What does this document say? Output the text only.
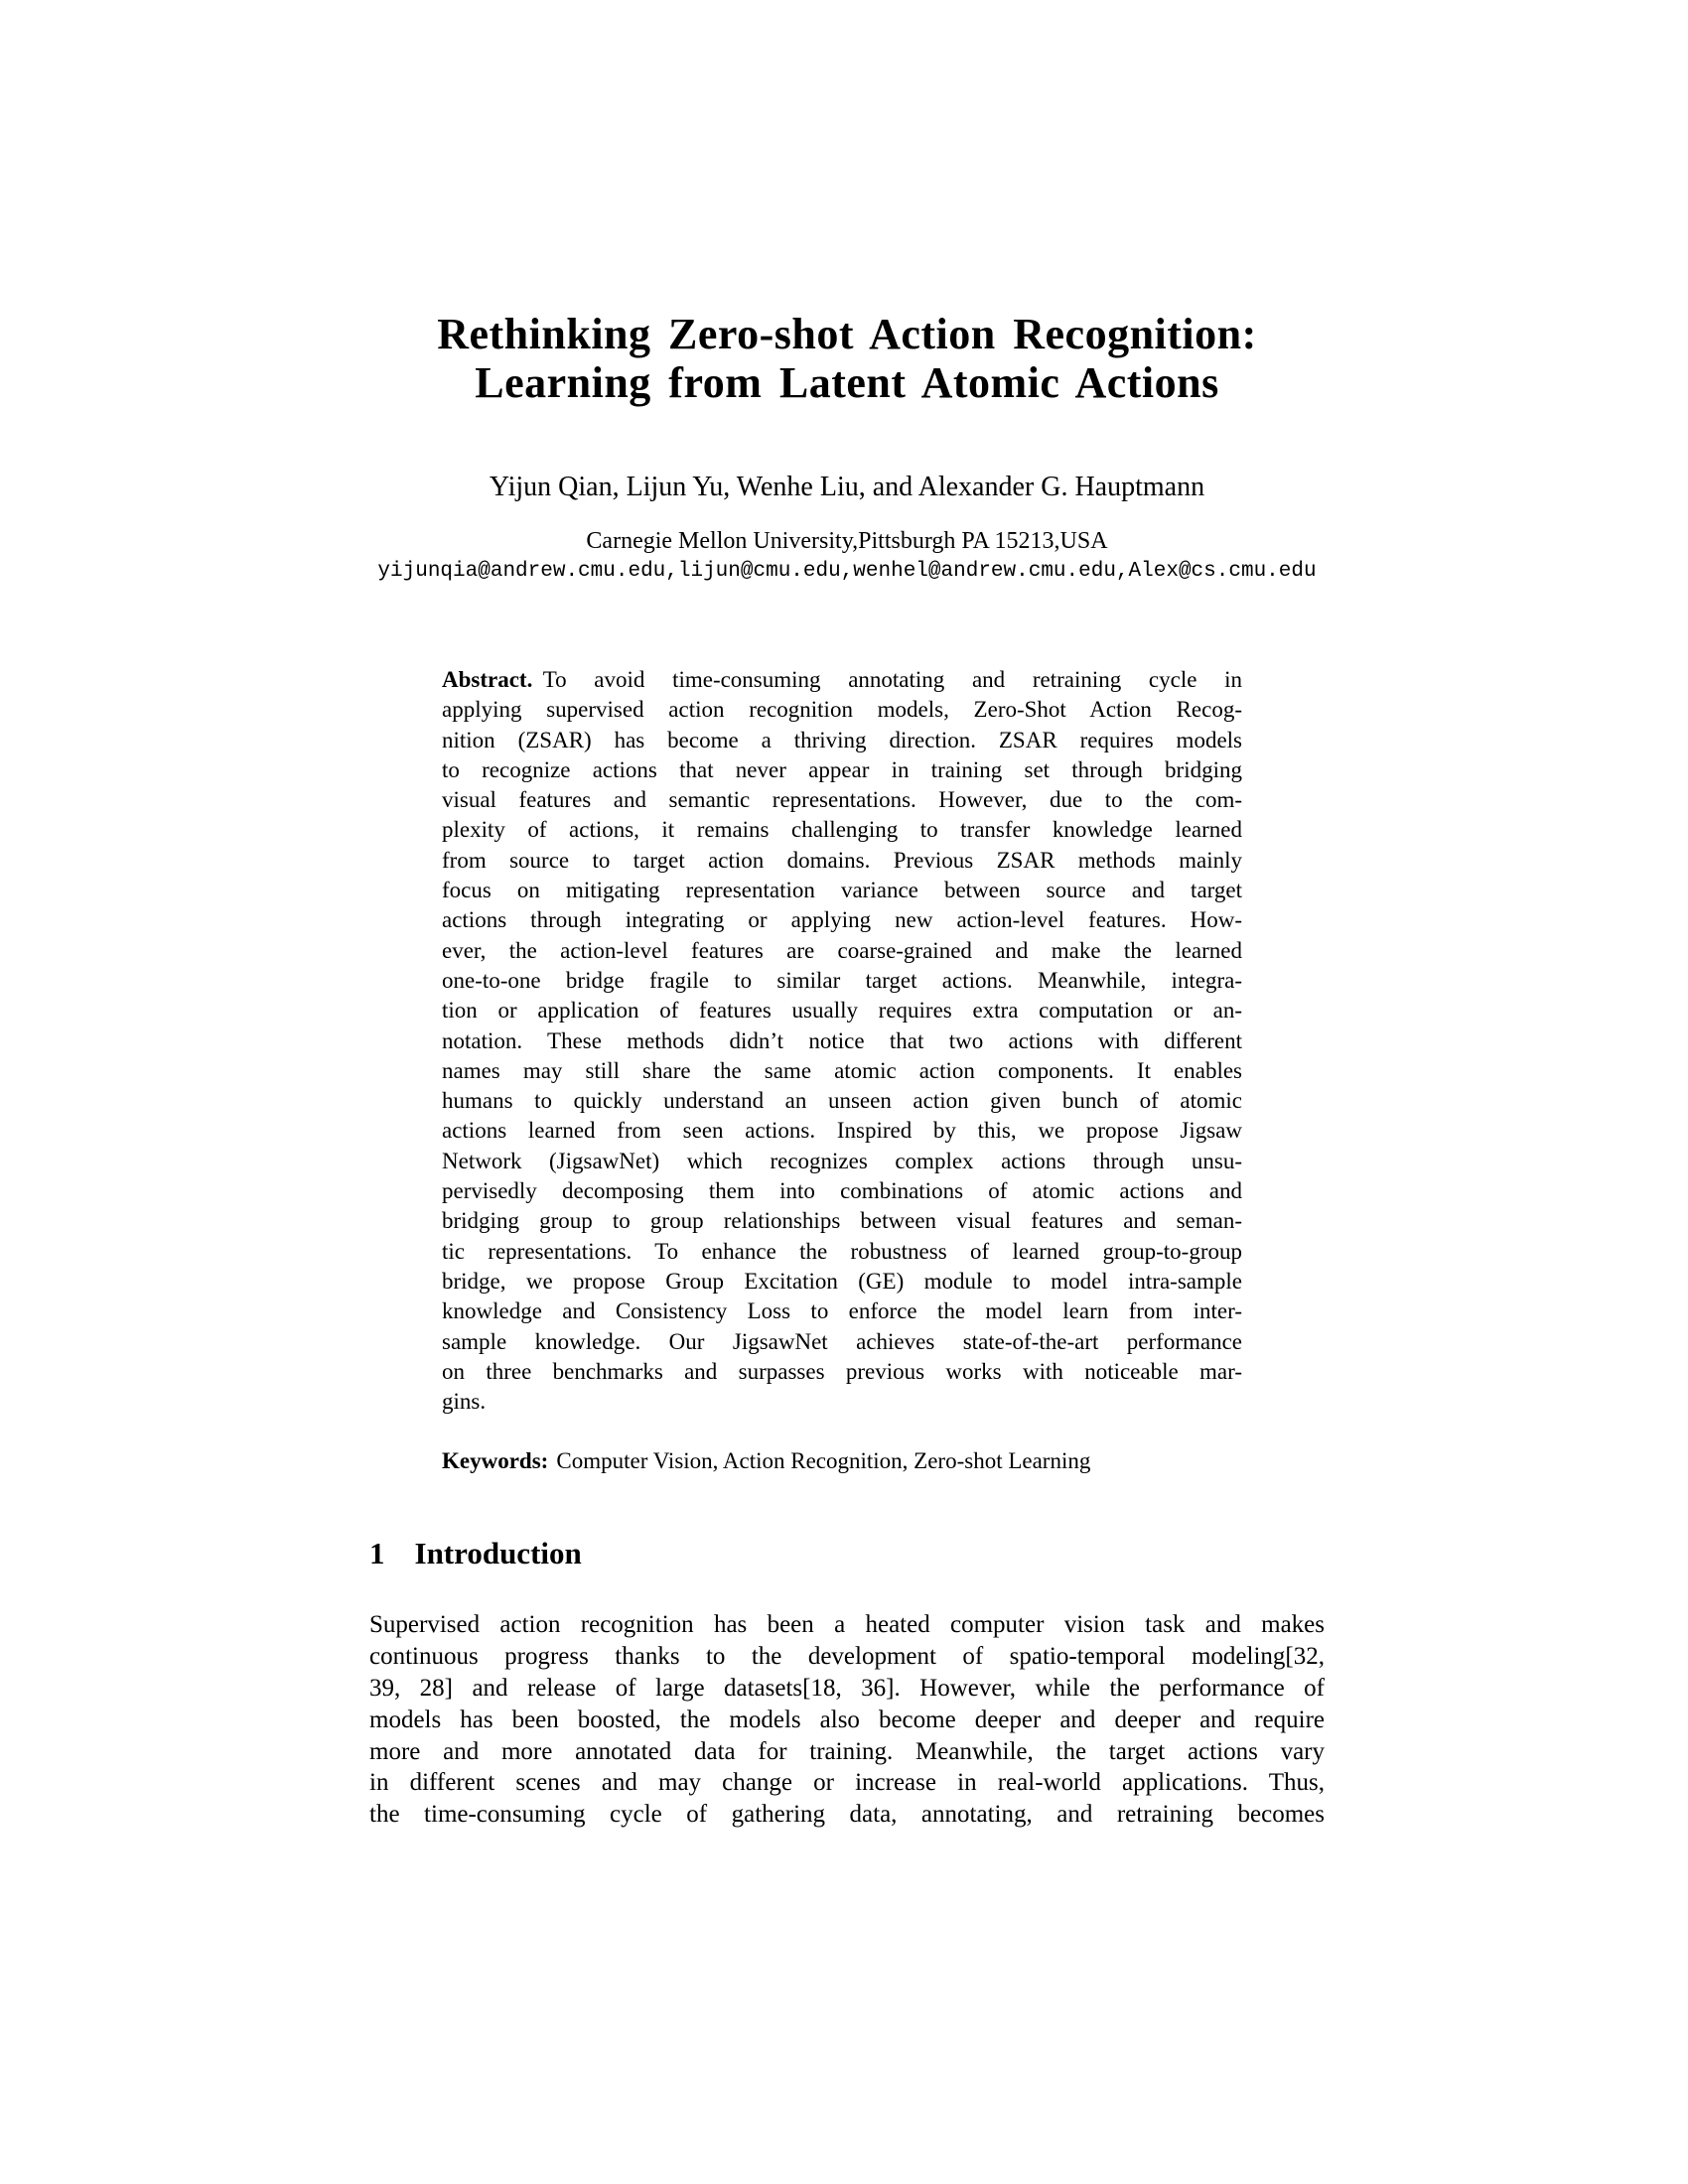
Rethinking Zero-shot Action Recognition:
Learning from Latent Atomic Actions
Yijun Qian, Lijun Yu, Wenhe Liu, and Alexander G. Hauptmann
Carnegie Mellon University,Pittsburgh PA 15213,USA
yijunqia@andrew.cmu.edu,lijun@cmu.edu,wenhel@andrew.cmu.edu,Alex@cs.cmu.edu
Abstract. To avoid time-consuming annotating and retraining cycle in
applying supervised action recognition models, Zero-Shot Action Recog-
nition (ZSAR) has become a thriving direction. ZSAR requires models
to recognize actions that never appear in training set through bridging
visual features and semantic representations. However, due to the com-
plexity of actions, it remains challenging to transfer knowledge learned
from source to target action domains. Previous ZSAR methods mainly
focus on mitigating representation variance between source and target
actions through integrating or applying new action-level features. How-
ever, the action-level features are coarse-grained and make the learned
one-to-one bridge fragile to similar target actions. Meanwhile, integra-
tion or application of features usually requires extra computation or an-
notation. These methods didn’t notice that two actions with different
names may still share the same atomic action components. It enables
humans to quickly understand an unseen action given bunch of atomic
actions learned from seen actions. Inspired by this, we propose Jigsaw
Network (JigsawNet) which recognizes complex actions through unsu-
pervisedly decomposing them into combinations of atomic actions and
bridging group to group relationships between visual features and seman-
tic representations. To enhance the robustness of learned group-to-group
bridge, we propose Group Excitation (GE) module to model intra-sample
knowledge and Consistency Loss to enforce the model learn from inter-
sample knowledge. Our JigsawNet achieves state-of-the-art performance
on three benchmarks and surpasses previous works with noticeable mar-
gins.
Keywords: Computer Vision, Action Recognition, Zero-shot Learning
1 Introduction
Supervised action recognition has been a heated computer vision task and makes
continuous progress thanks to the development of spatio-temporal modeling[32,
39, 28] and release of large datasets[18, 36]. However, while the performance of
models has been boosted, the models also become deeper and deeper and require
more and more annotated data for training. Meanwhile, the target actions vary
in different scenes and may change or increase in real-world applications. Thus,
the time-consuming cycle of gathering data, annotating, and retraining becomes
